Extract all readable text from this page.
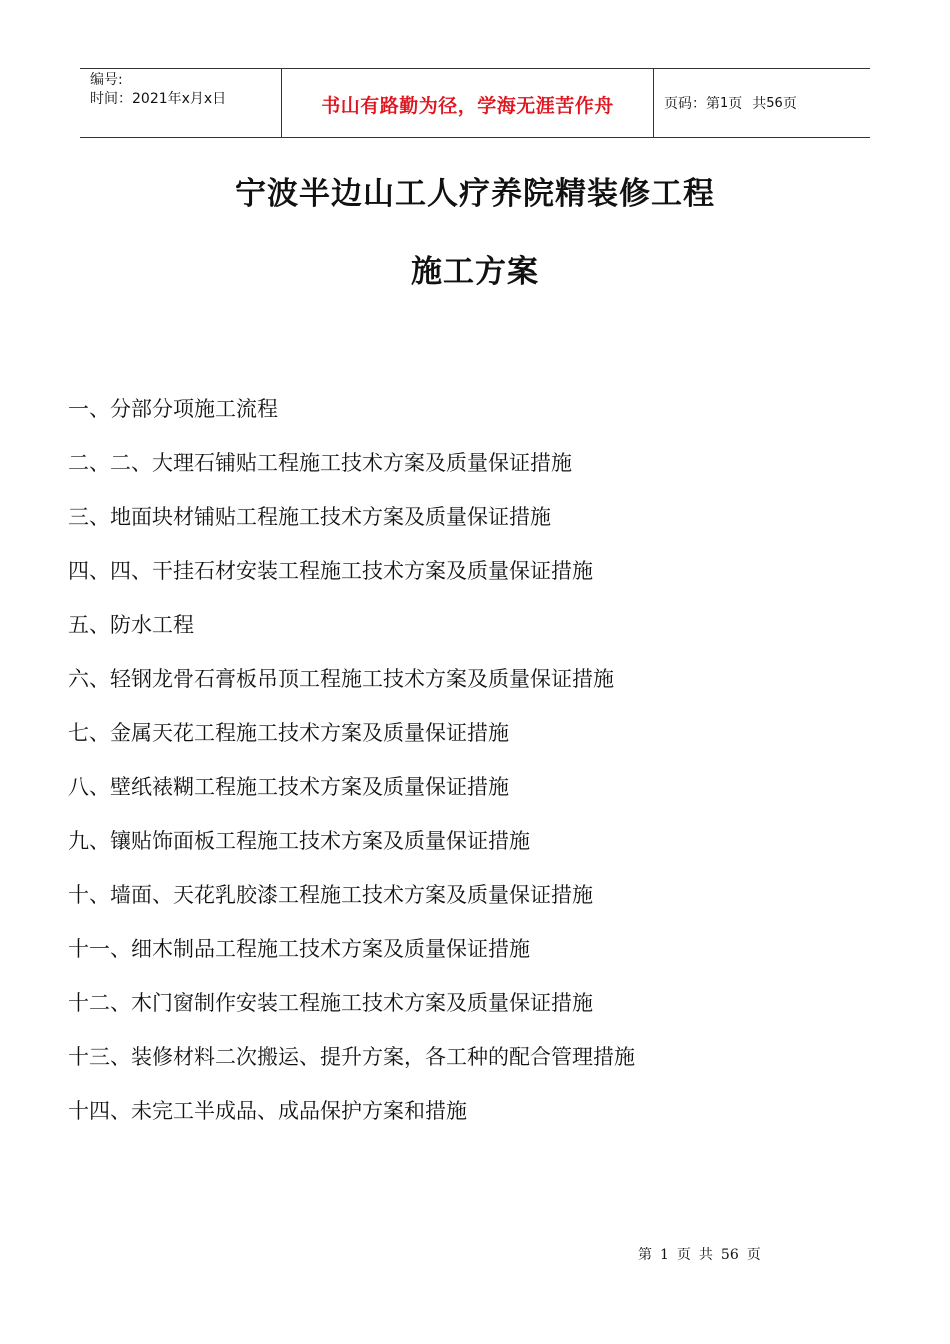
编号:
时间：2021年x月x日	书山有路勤为径，学海无涯苦作舟	页码：第 1 页 共 56 页
宁波半边山工人疗养院精装修工程
施工方案
一、分部分项施工流程
二、二、大理石铺贴工程施工技术方案及质量保证措施
三、地面块材铺贴工程施工技术方案及质量保证措施
四、四、干挂石材安装工程施工技术方案及质量保证措施
五、防水工程
六、轻钢龙骨石膏板吊顶工程施工技术方案及质量保证措施
七、金属天花工程施工技术方案及质量保证措施
八、壁纸裱糊工程施工技术方案及质量保证措施
九、镶贴饰面板工程施工技术方案及质量保证措施
十、墙面、天花乳胶漆工程施工技术方案及质量保证措施
十一、细木制品工程施工技术方案及质量保证措施
十二、木门窗制作安装工程施工技术方案及质量保证措施
十三、装修材料二次搬运、提升方案，各工种的配合管理措施
十四、未完工半成品、成品保护方案和措施
第 1 页 共 56 页
